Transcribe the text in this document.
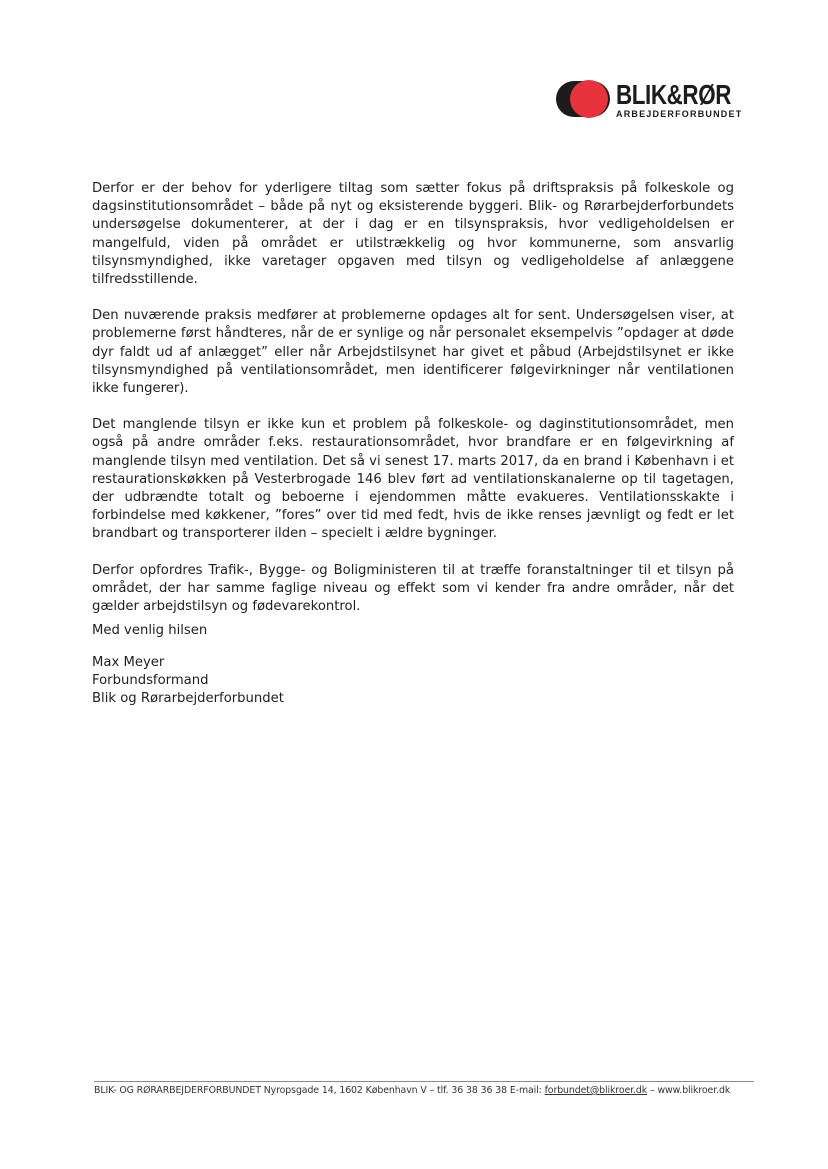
BLIK&RØR
ARBEJDERFORBUNDET

Derfor er der behov for yderligere tiltag som sætter fokus på driftspraksis på folkeskole og dagsinstitutionsområdet – både på nyt og eksisterende byggeri. Blik- og Rørarbejderforbundets undersøgelse dokumenterer, at der i dag er en tilsynspraksis, hvor vedligeholdelsen er mangelfuld, viden på området er utilstrækkelig og hvor kommunerne, som ansvarlig tilsynsmyndighed, ikke varetager opgaven med tilsyn og vedligeholdelse af anlæggene tilfredsstillende.

Den nuværende praksis medfører at problemerne opdages alt for sent. Undersøgelsen viser, at problemerne først håndteres, når de er synlige og når personalet eksempelvis ”opdager at døde dyr faldt ud af anlægget” eller når Arbejdstilsynet har givet et påbud (Arbejdstilsynet er ikke tilsynsmyndighed på ventilationsområdet, men identificerer følgevirkninger når ventilationen ikke fungerer).

Det manglende tilsyn er ikke kun et problem på folkeskole- og daginstitutionsområdet, men også på andre områder f.eks. restaurationsområdet, hvor brandfare er en følgevirkning af manglende tilsyn med ventilation. Det så vi senest 17. marts 2017, da en brand i København i et restaurationskøkken på Vesterbrogade 146 blev ført ad ventilationskanalerne op til tagetagen, der udbrændte totalt og beboerne i ejendommen måtte evakueres. Ventilationsskakte i forbindelse med køkkener, ”fores” over tid med fedt, hvis de ikke renses jævnligt og fedt er let brandbart og transporterer ilden – specielt i ældre bygninger.

Derfor opfordres Trafik-, Bygge- og Boligministeren til at træffe foranstaltninger til et tilsyn på området, der har samme faglige niveau og effekt som vi kender fra andre områder, når det gælder arbejdstilsyn og fødevarekontrol.

Med venlig hilsen

Max Meyer
Forbundsformand
Blik og Rørarbejderforbundet
BLIK- OG RØRARBEJDERFORBUNDET Nyropsgade 14, 1602 København V – tlf. 36 38 36 38 E-mail: forbundet@blikroer.dk – www.blikroer.dk
